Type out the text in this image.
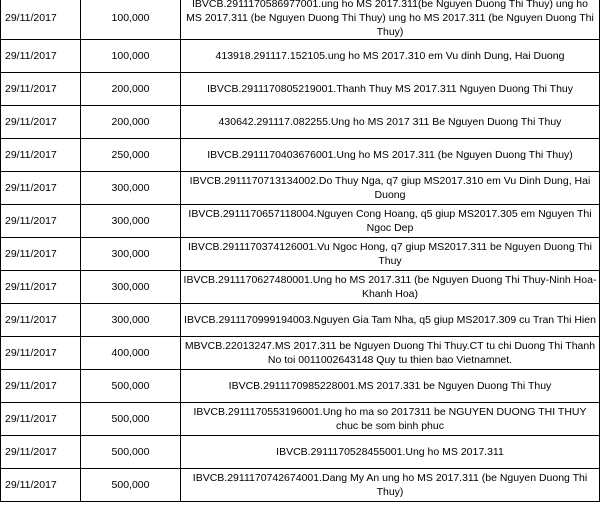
29/11/2017	100,000	IBVCB.2911170586977001.ung ho MS 2017.311(be Nguyen Duong Thi Thuy) ung ho MS 2017.311 (be Nguyen Duong Thi Thuy) ung ho MS 2017.311 (be Nguyen Duong Thi Thuy)
29/11/2017	100,000	413918.291117.152105.ung ho MS 2017.310 em Vu dinh Dung, Hai Duong
29/11/2017	200,000	IBVCB.2911170805219001.Thanh Thuy MS 2017.311 Nguyen Duong Thi Thuy
29/11/2017	200,000	430642.291117.082255.Ung ho MS 2017 311 Be Nguyen Duong Thi Thuy
29/11/2017	250,000	IBVCB.2911170403676001.Ung ho MS 2017.311 (be Nguyen Duong Thi Thuy)
29/11/2017	300,000	IBVCB.2911170713134002.Do Thuy Nga, q7 giup MS2017.310 em Vu Dinh Dung, Hai Duong
29/11/2017	300,000	IBVCB.2911170657118004.Nguyen Cong Hoang, q5 giup MS2017.305 em Nguyen Thi Ngoc Dep
29/11/2017	300,000	IBVCB.2911170374126001.Vu Ngoc Hong, q7 giup MS2017.311 be Nguyen Duong Thi Thuy
29/11/2017	300,000	IBVCB.2911170627480001.Ung ho MS 2017.311 (be Nguyen Duong Thi Thuy-Ninh Hoa-Khanh Hoa)
29/11/2017	300,000	IBVCB.2911170999194003.Nguyen Gia Tam Nha, q5 giup MS2017.309 cu Tran Thi Hien
29/11/2017	400,000	MBVCB.22013247.MS 2017.311 be Nguyen Duong Thi Thuy.CT tu chi Duong Thi Thanh No toi 0011002643148 Quy tu thien bao Vietnamnet.
29/11/2017	500,000	IBVCB.2911170985228001.MS 2017.331 be Nguyen Duong Thi Thuy
29/11/2017	500,000	IBVCB.2911170553196001.Ung ho ma so 2017311 be NGUYEN DUONG THI THUY chuc be som binh phuc
29/11/2017	500,000	IBVCB.2911170528455001.Ung ho MS 2017.311
29/11/2017	500,000	IBVCB.2911170742674001.Dang My An ung ho MS 2017.311 (be Nguyen Duong Thi Thuy)
